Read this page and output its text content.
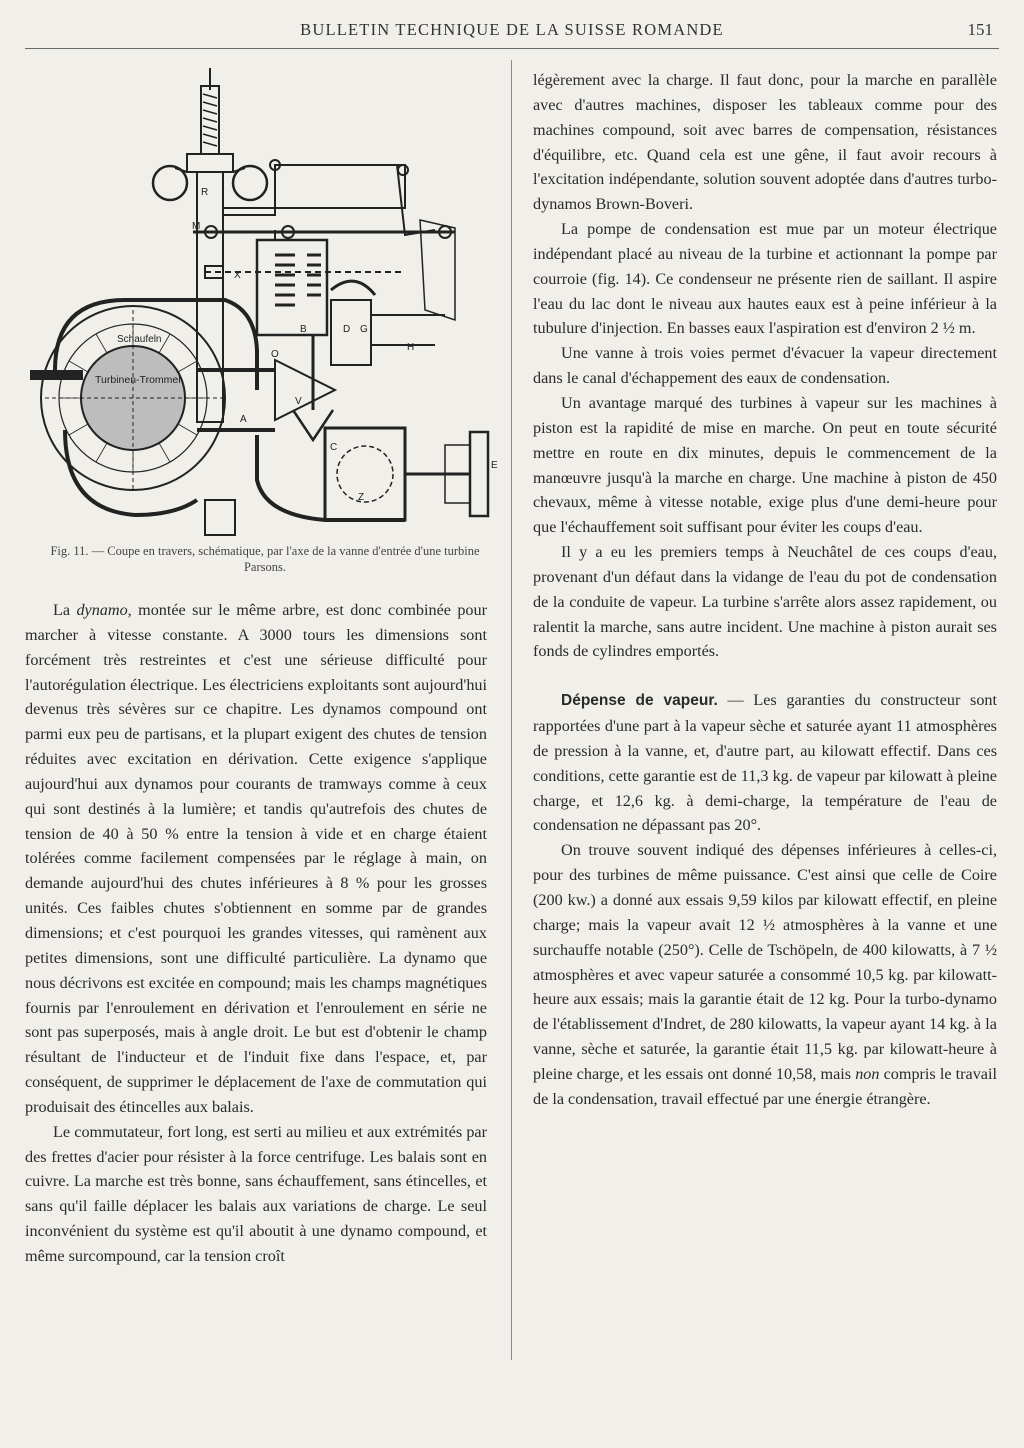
BULLETIN TECHNIQUE DE LA SUISSE ROMANDE	151
Schaufeln
Turbinen-Trommel
R
M
X
B	D G
O
H
A
E
Z
C
V
Fig. 11. — Coupe en travers, schématique, par l'axe de la vanne d'entrée d'une turbine Parsons.

La dynamo, montée sur le même arbre, est donc combinée pour marcher à vitesse constante. A 3000 tours les dimensions sont forcément très restreintes et c'est une sérieuse difficulté pour l'autorégulation électrique. Les électriciens exploitants sont aujourd'hui devenus très sévères sur ce chapitre. Les dynamos compound ont parmi eux peu de partisans, et la plupart exigent des chutes de tension réduites avec excitation en dérivation. Cette exigence s'applique aujourd'hui aux dynamos pour courants de tramways comme à ceux qui sont destinés à la lumière; et tandis qu'autrefois des chutes de tension de 40 à 50 % entre la tension à vide et en charge étaient tolérées comme facilement compensées par le réglage à main, on demande aujourd'hui des chutes inférieures à 8 % pour les grosses unités. Ces faibles chutes s'obtiennent en somme par de grandes dimensions; et c'est pourquoi les grandes vitesses, qui ramènent aux petites dimensions, sont une difficulté particulière. La dynamo que nous décrivons est excitée en compound; mais les champs magnétiques fournis par l'enroulement en dérivation et l'enroulement en série ne sont pas superposés, mais à angle droit. Le but est d'obtenir le champ résultant de l'inducteur et de l'induit fixe dans l'espace, et, par conséquent, de supprimer le déplacement de l'axe de commutation qui produisait des étincelles aux balais.

Le commutateur, fort long, est serti au milieu et aux extrémités par des frettes d'acier pour résister à la force centrifuge. Les balais sont en cuivre. La marche est très bonne, sans échauffement, sans étincelles, et sans qu'il faille déplacer les balais aux variations de charge. Le seul inconvénient du système est qu'il aboutit à une dynamo compound, et même surcompound, car la tension croît

légèrement avec la charge. Il faut donc, pour la marche en parallèle avec d'autres machines, disposer les tableaux comme pour des machines compound, soit avec barres de compensation, résistances d'équilibre, etc. Quand cela est une gêne, il faut avoir recours à l'excitation indépendante, solution souvent adoptée dans d'autres turbo-dynamos Brown-Boveri.

La pompe de condensation est mue par un moteur électrique indépendant placé au niveau de la turbine et actionnant la pompe par courroie (fig. 14). Ce condenseur ne présente rien de saillant. Il aspire l'eau du lac dont le niveau aux hautes eaux est à peine inférieur à la tubulure d'injection. En basses eaux l'aspiration est d'environ 2 ½ m.

Une vanne à trois voies permet d'évacuer la vapeur directement dans le canal d'échappement des eaux de condensation.

Un avantage marqué des turbines à vapeur sur les machines à piston est la rapidité de mise en marche. On peut en toute sécurité mettre en route en dix minutes, depuis le commencement de la manœuvre jusqu'à la marche en charge. Une machine à piston de 450 chevaux, même à vitesse notable, exige plus d'une demi-heure pour que l'échauffement soit suffisant pour éviter les coups d'eau.

Il y a eu les premiers temps à Neuchâtel de ces coups d'eau, provenant d'un défaut dans la vidange de l'eau du pot de condensation de la conduite de vapeur. La turbine s'arrête alors assez rapidement, ou ralentit la marche, sans autre incident. Une machine à piston aurait ses fonds de cylindres emportés.

Dépense de vapeur. — Les garanties du constructeur sont rapportées d'une part à la vapeur sèche et saturée ayant 11 atmosphères de pression à la vanne, et, d'autre part, au kilowatt effectif. Dans ces conditions, cette garantie est de 11,3 kg. de vapeur par kilowatt à pleine charge, et 12,6 kg. à demi-charge, la température de l'eau de condensation ne dépassant pas 20°.

On trouve souvent indiqué des dépenses inférieures à celles-ci, pour des turbines de même puissance. C'est ainsi que celle de Coire (200 kw.) a donné aux essais 9,59 kilos par kilowatt effectif, en pleine charge; mais la vapeur avait 12 ½ atmosphères à la vanne et une surchauffe notable (250°). Celle de Tschöpeln, de 400 kilowatts, à 7 ½ atmosphères et avec vapeur saturée a consommé 10,5 kg. par kilowatt-heure aux essais; mais la garantie était de 12 kg. Pour la turbo-dynamo de l'établissement d'Indret, de 280 kilowatts, la vapeur ayant 14 kg. à la vanne, sèche et saturée, la garantie était 11,5 kg. par kilowatt-heure à pleine charge, et les essais ont donné 10,58, mais non compris le travail de la condensation, travail effectué par une énergie étrangère.
